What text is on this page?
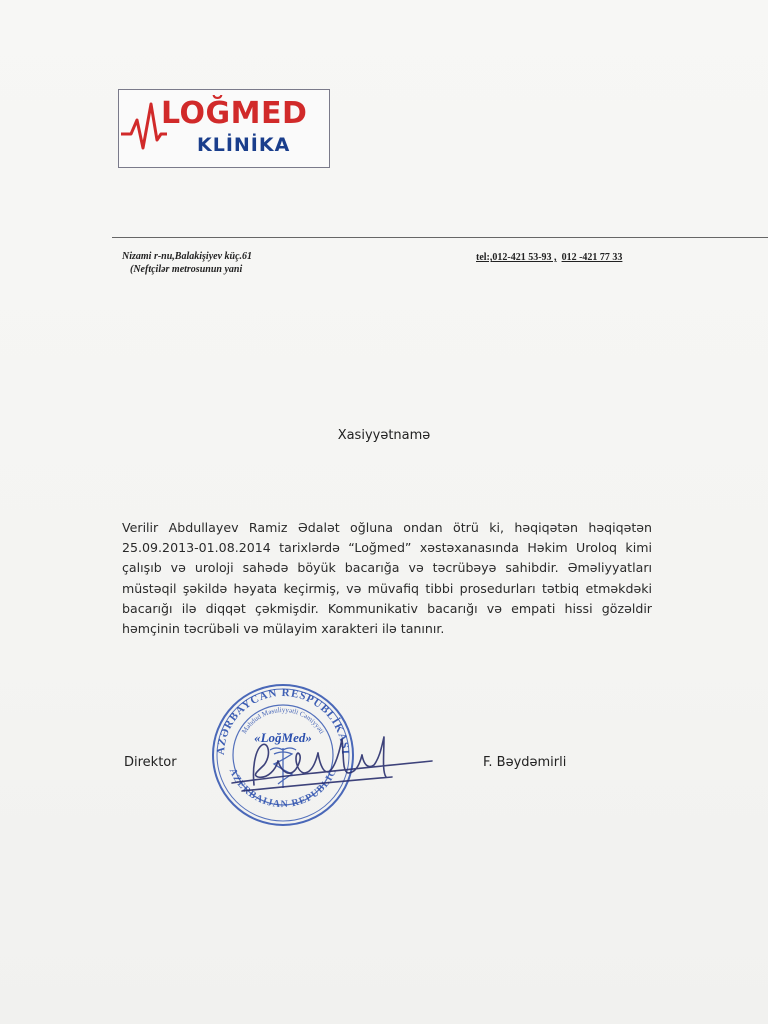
LOĞMED
KLİNİKA
Nizami r-nu,Balakişiyev küç.61
(Neftçilər metrosunun yani
tel:,012-421 53-93 , 012 -421 77 33
Xasiyyətnamə

Verilir Abdullayev Ramiz Ədalət oğluna ondan ötrü ki, həqiqətən həqiqətən

25.09.2013-01.08.2014 tarixlərdə “Loğmed” xəstəxanasında Həkim Uroloq kimi

çalışıb və uroloji sahədə böyük bacarığa və təcrübəyə sahibdir. Əməliyyatları

müstəqil şəkildə həyata keçirmiş, və müvafiq tibbi prosedurları tətbiq etməkdəki

bacarığı ilə diqqət çəkmişdir. Kommunikativ bacarığı və empati hissi gözəldir

həmçinin təcrübəli və mülayim xarakteri ilə tanınır.

AZƏRBAYCAN RESPUBLİKASI
Məhdud Məsuliyyətli Cəmiyyəti
AZERBAIJAN REPUBLIC
«LoğMed»
Direktor	F. Bəydəmirli
